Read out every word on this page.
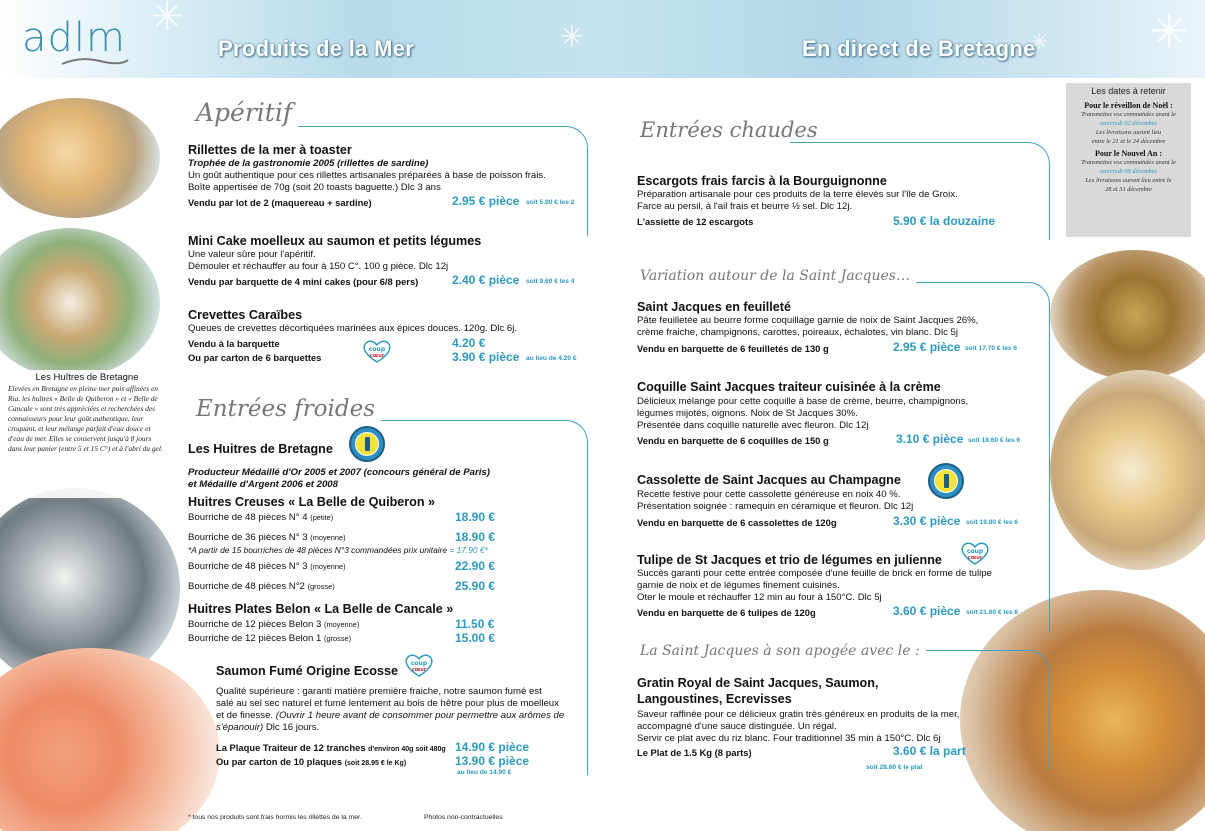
✳	✳	✳
✳
adlm	Produits de la Mer	En direct de Bretagne
Les Huîtres de Bretagne
Elevées en Bretagne en pleine mer puis affinées en Ria, les huîtres « Belle de Quiberon » et « Belle de Cancale » sont très appréciées et recherchées des connaisseurs pour leur goût authentique, leur croquant, et leur mélange parfait d'eau douce et d'eau de mer. Elles se conservent jusqu'à 8 jours dans leur panier (entre 5 et 15 C°) et à l'abri du gel.
Les dates à retenir
Pour le réveillon de Noël :
Transmettez vos commandes avant le
mercredi 02 décembre
Les livraisons auront lieu
entre le 21 et le 24 décembre
Pour le Nouvel An :
Transmettez vos commandes avant le
mercredi 09 décembre
Les livraisons auront lieu entre le
28 et 31 décembre
Apéritif
Entrées froides
Entrées chaudes
Variation autour de la Saint Jacques…
La Saint Jacques à son apogée avec le :
Rillettes de la mer à toaster
Trophée de la gastronomie 2005 (rillettes de sardine)
Un goût authentique pour ces rillettes artisanales préparées à base de poisson frais.
Boîte appertisée de 70g (soit 20 toasts baguette.) Dlc 3 ans
Vendu par lot de 2 (maquereau + sardine)	2.95 € pièce soit 5.90 € les 2
Mini Cake moelleux au saumon et petits légumes
Une valeur sûre pour l'apéritif.
Démouler et réchauffer au four à 150 C°. 100 g pièce. Dlc 12j
Vendu par barquette de 4 mini cakes (pour 6/8 pers)	2.40 € pièce soit 9.60 € les 4
Crevettes Caraïbes
Queues de crevettes décortiquées marinées aux épices douces. 120g. Dlc 6j.
Vendu à la barquette	4.20 €
Ou par carton de 6 barquettes	3.90 € pièce au lieu de 4.20 €
coup
cœur
Les Huitres de Bretagne
Producteur Médaillé d'Or 2005 et 2007 (concours général de Paris)
et Médaille d'Argent 2006 et 2008
Huitres Creuses « La Belle de Quiberon »
Bourriche de 48 pièces N° 4 (petite)	18.90 €
Bourriche de 36 pièces N° 3 (moyenne)	18.90 €
*A partir de 15 bourriches de 48 pièces N°3 commandées prix unitaire = 17.90 €*
Bourriche de 48 pièces N° 3 (moyenne)	22.90 €
Bourriche de 48 pièces N°2 (grosse)	25.90 €
Huitres Plates Belon « La Belle de Cancale »
Bourriche de 12 pièces Belon 3 (moyenne)	11.50 €
Bourriche de 12 pièces Belon 1 (grosse)	15.00 €
Saumon Fumé Origine Ecosse
coup
cœur
Qualité supérieure : garanti matière première fraiche, notre saumon fumé est
salé au sel sec naturel et fumé lentement au bois de hêtre pour plus de moelleux
et de finesse. (Ouvrir 1 heure avant de consommer pour permettre aux arômes de
s'épanouir) Dlc 16 jours.
La Plaque Traiteur de 12 tranches d'environ 40g soit 480g 14.90 € pièce
Ou par carton de 10 plaques (soit 28.95 € le Kg)	13.90 € pièce
au lieu de 14.90 €
Escargots frais farcis à la Bourguignonne
Préparation artisanale pour ces produits de la terre élevés sur l'île de Groix.
Farce au persil, à l'ail frais et beurre ½ sel. Dlc 12j.
L'assiette de 12 escargots	5.90 € la douzaine
Saint Jacques en feuilleté
Pâte feuilletée au beurre forme coquillage garnie de noix de Saint Jacques 26%,
crème fraiche, champignons, carottes, poireaux, échalotes, vin blanc. Dlc 5j
Vendu en barquette de 6 feuilletés de 130 g	2.95 € pièce soit 17.70 € les 6
Coquille Saint Jacques traiteur cuisinée à la crème
Délicieux mélange pour cette coquille à base de crème, beurre, champignons,
légumes mijotés, oignons. Noix de St Jacques 30%.
Présentée dans coquille naturelle avec fleuron. Dlc 12j
Vendu en barquette de 6 coquilles de 150 g	3.10 € pièce soit 18.60 € les 6
Cassolette de Saint Jacques au Champagne
Recette festive pour cette cassolette généreuse en noix 40 %.
Présentation soignée : ramequin en céramique et fleuron. Dlc 12j
Vendu en barquette de 6 cassolettes de 120g	3.30 € pièce soit 19.80 € les 6
Tulipe de St Jacques et trio de légumes en julienne
coup
cœur
Succès garanti pour cette entrée composée d'une feuille de brick en forme de tulipe
garnie de noix et de légumes finement cuisinés.
Oter le moule et réchauffer 12 min au four à 150°C. Dlc 5j
Vendu en barquette de 6 tulipes de 120g	3.60 € pièce soit 21.60 € les 6
Gratin Royal de Saint Jacques, Saumon,
Langoustines, Ecrevisses
Saveur raffinée pour ce délicieux gratin très généreux en produits de la mer,
accompagné d'une sauce distinguée. Un régal.
Servir ce plat avec du riz blanc. Four traditionnel 35 min à 150°C. Dlc 6j
Le Plat de 1.5 Kg (8 parts)	3.60 € la part
soit 28.80 € le plat
* tous nos produits sont frais hormis les rillettes de la mer.	Photos non-contractuelles
